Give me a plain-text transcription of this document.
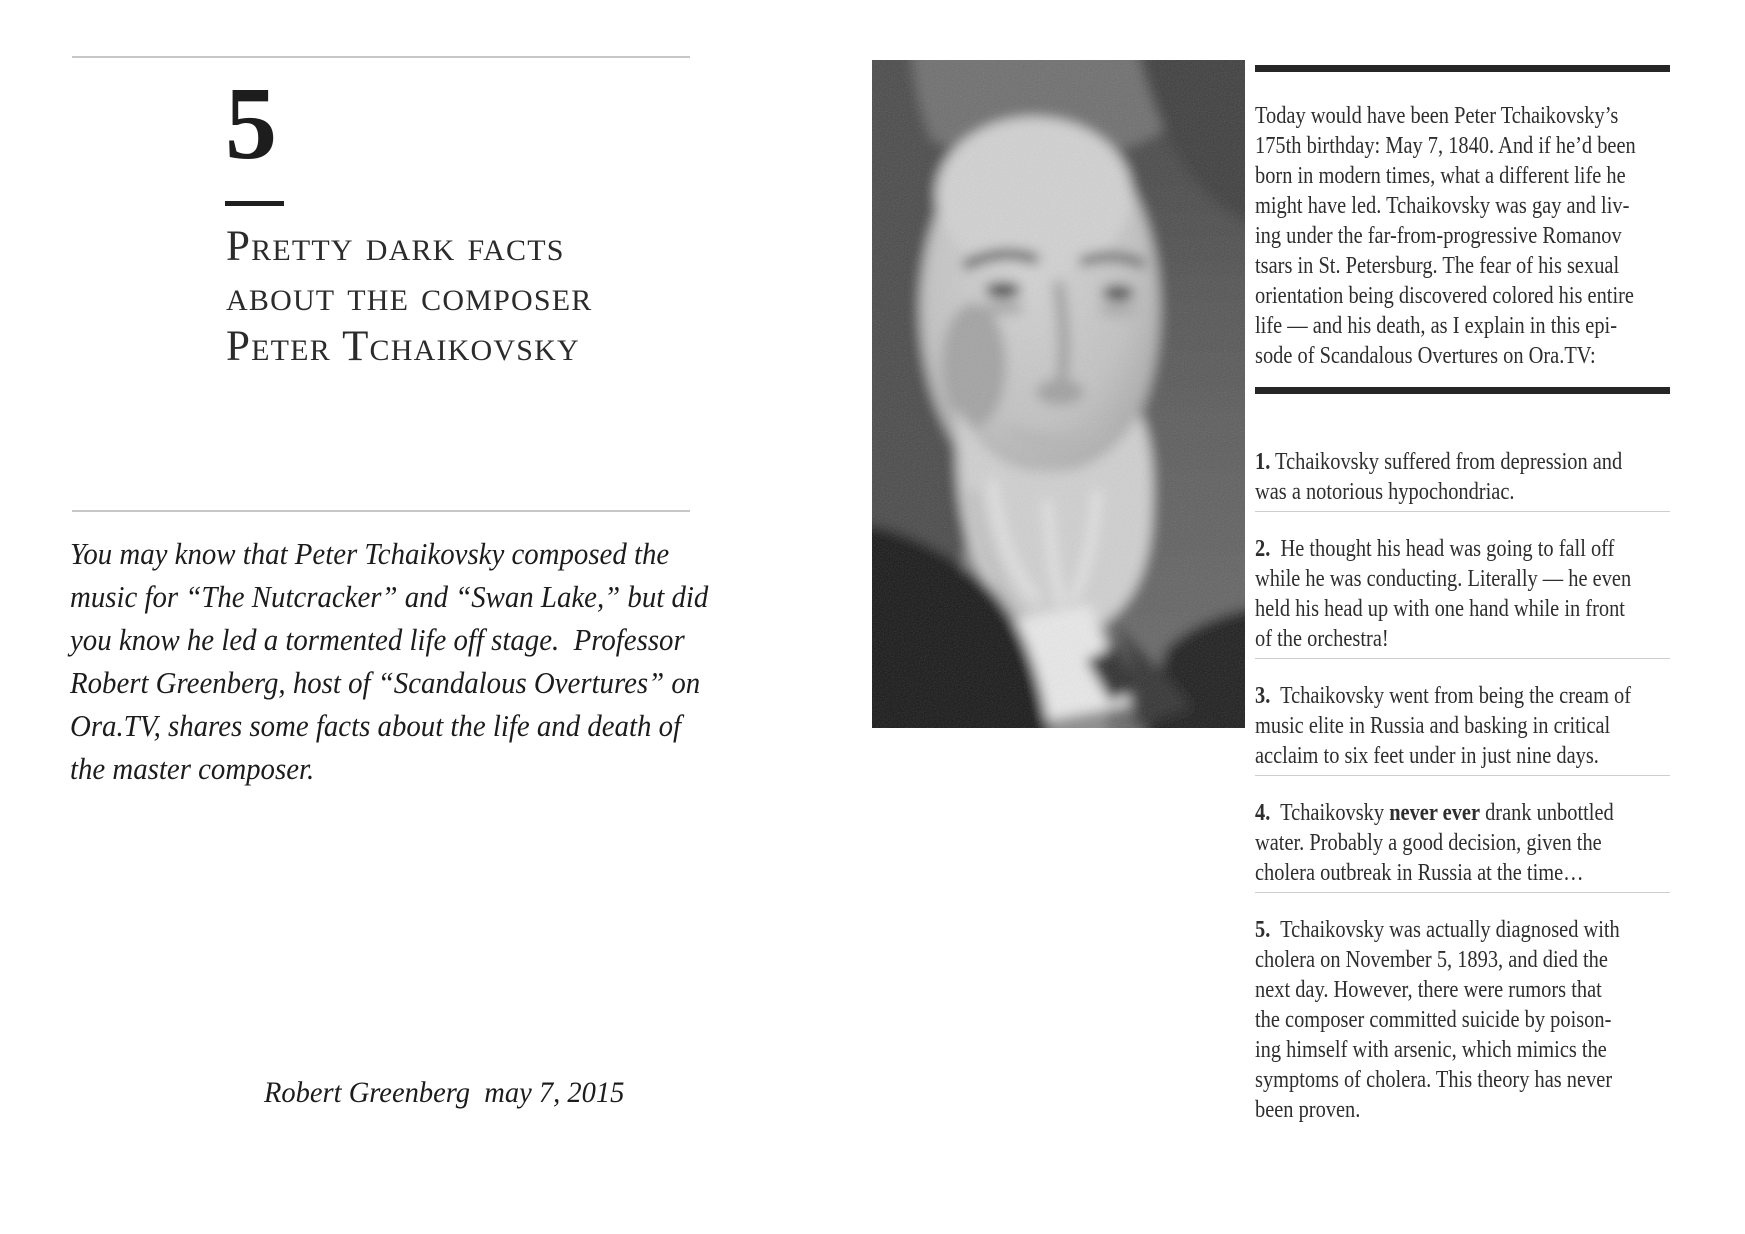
5
Pretty dark facts
about the composer
Peter Tchaikovsky
You may know that Peter Tchaikovsky composed the
music for “The Nutcracker” and “Swan Lake,” but did
you know he led a tormented life off stage.  Professor
Robert Greenberg, host of “Scandalous Overtures” on
Ora.TV, shares some facts about the life and death of
the master composer.
Robert Greenberg  may 7, 2015
Today would have been Peter Tchaikovsky’s
175th birthday: May 7, 1840. And if he’d been
born in modern times, what a different life he
might have led. Tchaikovsky was gay and liv-
ing under the far-from-progressive Romanov
tsars in St. Petersburg. The fear of his sexual
orientation being discovered colored his entire
life — and his death, as I explain in this epi-
sode of Scandalous Overtures on Ora.TV:
1. Tchaikovsky suffered from depression and
was a notorious hypochondriac.
2.  He thought his head was going to fall off
while he was conducting. Literally — he even
held his head up with one hand while in front
of the orchestra!
3.  Tchaikovsky went from being the cream of
music elite in Russia and basking in critical
acclaim to six feet under in just nine days.
4.  Tchaikovsky never ever drank unbottled
water. Probably a good decision, given the
cholera outbreak in Russia at the time…
5.  Tchaikovsky was actually diagnosed with
cholera on November 5, 1893, and died the
next day. However, there were rumors that
the composer committed suicide by poison-
ing himself with arsenic, which mimics the
symptoms of cholera. This theory has never
been proven.
